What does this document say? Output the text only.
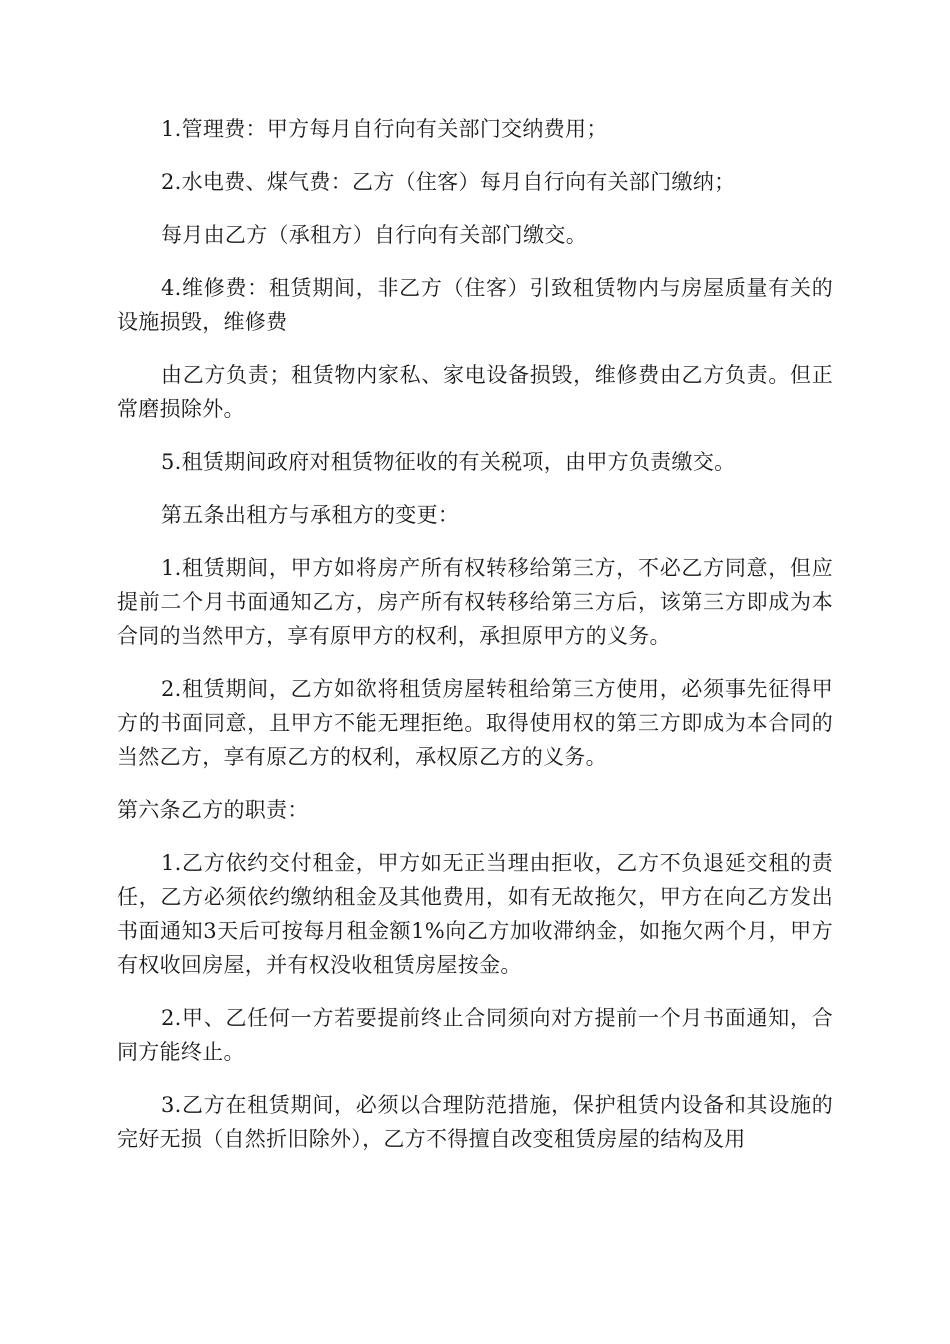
1.管理费：甲方每月自行向有关部门交纳费用；

2.水电费、煤气费：乙方（住客）每月自行向有关部门缴纳；

每月由乙方（承租方）自行向有关部门缴交。

4.维修费：租赁期间，非乙方（住客）引致租赁物内与房屋质量有关的设施损毁，维修费

由乙方负责；租赁物内家私、家电设备损毁，维修费由乙方负责。但正常磨损除外。

5.租赁期间政府对租赁物征收的有关税项，由甲方负责缴交。

第五条出租方与承租方的变更：

1.租赁期间，甲方如将房产所有权转移给第三方，不必乙方同意，但应提前二个月书面通知乙方，房产所有权转移给第三方后，该第三方即成为本合同的当然甲方，享有原甲方的权利，承担原甲方的义务。

2.租赁期间，乙方如欲将租赁房屋转租给第三方使用，必须事先征得甲方的书面同意，且甲方不能无理拒绝。取得使用权的第三方即成为本合同的当然乙方，享有原乙方的权利，承权原乙方的义务。

第六条乙方的职责：

1.乙方依约交付租金，甲方如无正当理由拒收，乙方不负退延交租的责任，乙方必须依约缴纳租金及其他费用，如有无故拖欠，甲方在向乙方发出书面通知3天后可按每月租金额1%向乙方加收滞纳金，如拖欠两个月，甲方有权收回房屋，并有权没收租赁房屋按金。

2.甲、乙任何一方若要提前终止合同须向对方提前一个月书面通知，合同方能终止。

3.乙方在租赁期间，必须以合理防范措施，保护租赁内设备和其设施的完好无损（自然折旧除外），乙方不得擅自改变租赁房屋的结构及用
